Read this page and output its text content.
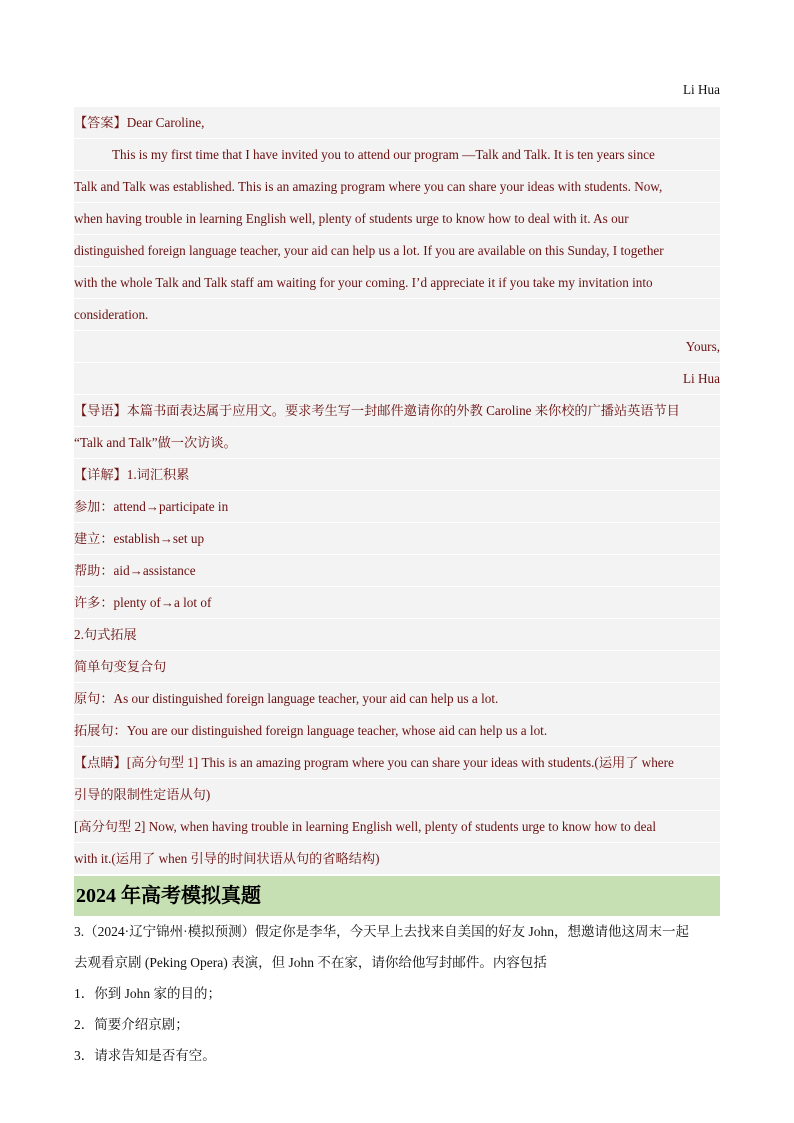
Li Hua
【答案】Dear Caroline,
This is my first time that I have invited you to attend our program —Talk and Talk. It is ten years since
Talk and Talk was established. This is an amazing program where you can share your ideas with students. Now,
when having trouble in learning English well, plenty of students urge to know how to deal with it. As our
distinguished foreign language teacher, your aid can help us a lot. If you are available on this Sunday, I together
with the whole Talk and Talk staff am waiting for your coming. I’d appreciate it if you take my invitation into
consideration.
Yours,
Li Hua
【导语】本篇书面表达属于应用文。要求考生写一封邮件邀请你的外教 Caroline 来你校的广播站英语节目
“Talk and Talk”做一次访谈。
【详解】1.词汇积累
参加：attend→participate in
建立：establish→set up
帮助：aid→assistance
许多：plenty of→a lot of
2.句式拓展
简单句变复合句
原句：As our distinguished foreign language teacher, your aid can help us a lot.
拓展句：You are our distinguished foreign language teacher, whose aid can help us a lot.
【点睛】[高分句型 1] This is an amazing program where you can share your ideas with students.(运用了 where
引导的限制性定语从句)
[高分句型 2] Now, when having trouble in learning English well, plenty of students urge to know how to deal
with it.(运用了 when 引导的时间状语从句的省略结构)
2024 年高考模拟真题
3.（2024·辽宁锦州·模拟预测）假定你是李华，今天早上去找来自美国的好友 John，想邀请他这周末一起
去观看京剧 (Peking Opera) 表演，但 John 不在家，请你给他写封邮件。内容包括
1．你到 John 家的目的；
2．简要介绍京剧；
3．请求告知是否有空。
